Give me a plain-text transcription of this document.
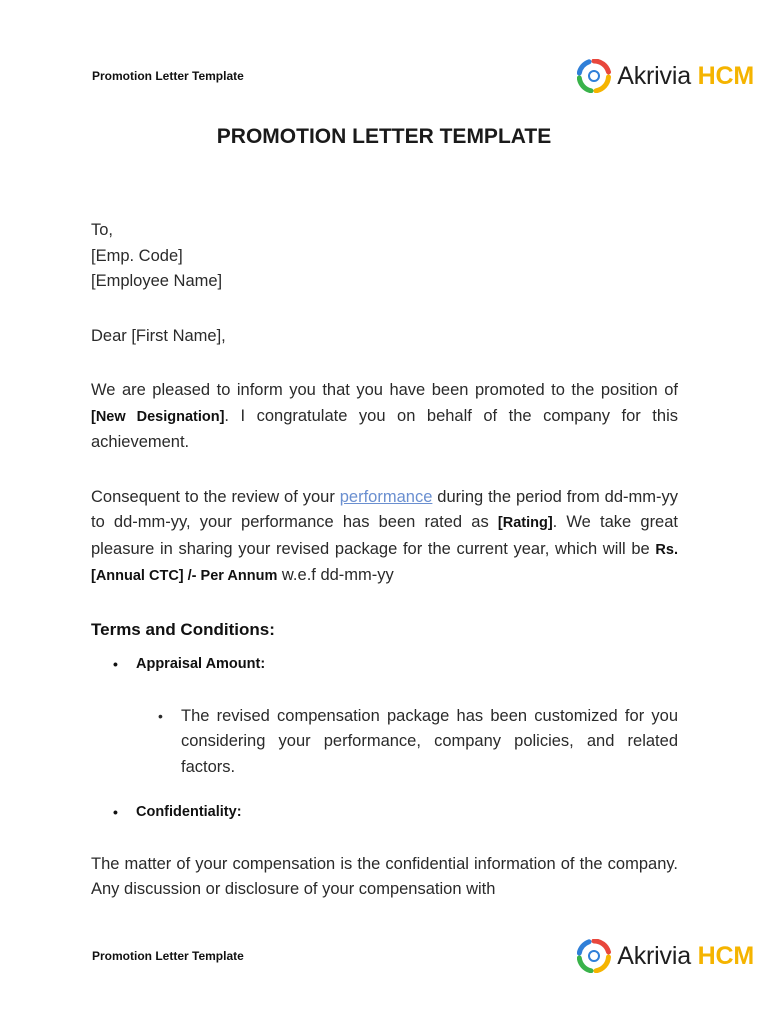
Promotion Letter Template	Akrivia HCM
PROMOTION LETTER TEMPLATE

To,
[Emp. Code]
[Employee Name]

Dear [First Name],

We are pleased to inform you that you have been promoted to the position of [New Designation]. I congratulate you on behalf of the company for this achievement.

Consequent to the review of your performance during the period from dd-mm-yy to dd-mm-yy, your performance has been rated as [Rating]. We take great pleasure in sharing your revised package for the current year, which will be Rs. [Annual CTC] /- Per Annum w.e.f dd-mm-yy

Terms and Conditions:
• Appraisal Amount:
• The revised compensation package has been customized for you considering your performance, company policies, and related factors.
• Confidentiality:

The matter of your compensation is the confidential information of the company. Any discussion or disclosure of your compensation with

Promotion Letter Template	Akrivia HCM
